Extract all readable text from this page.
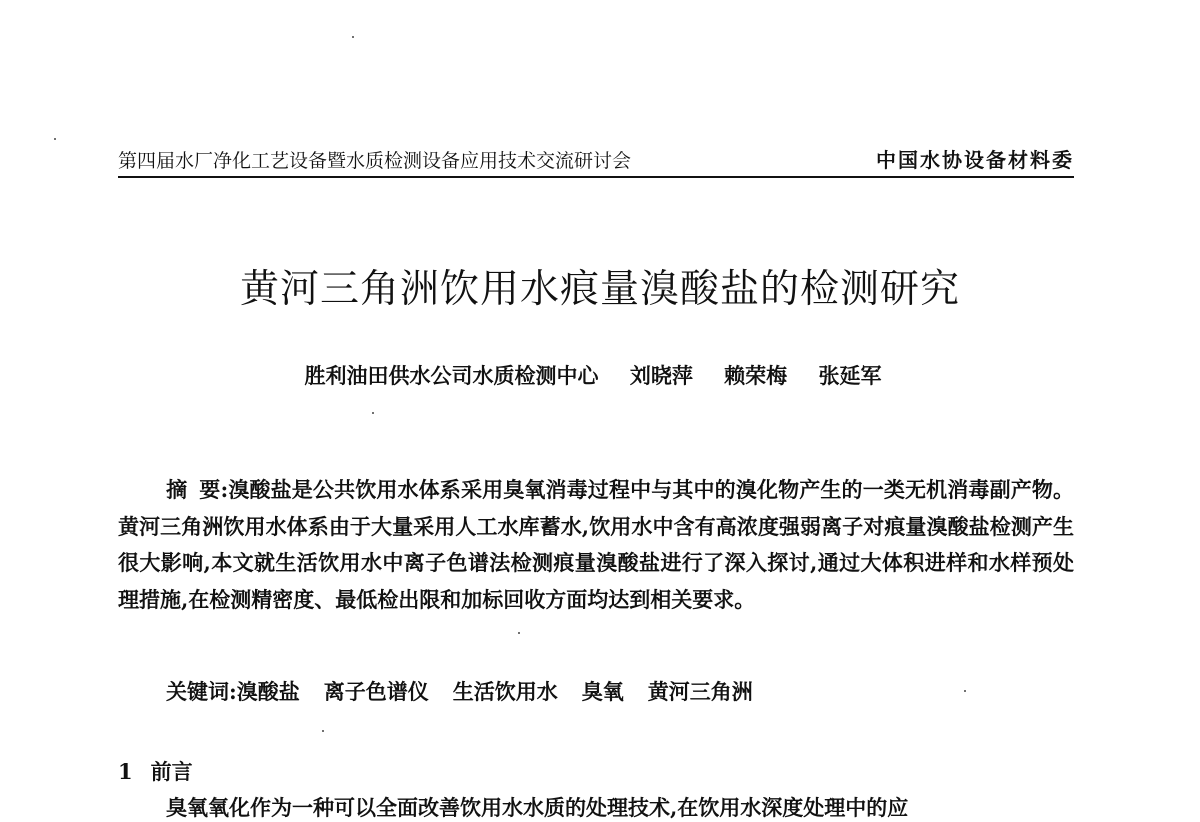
第四届水厂净化工艺设备暨水质检测设备应用技术交流研讨会	中国水协设备材料委
黄河三角洲饮用水痕量溴酸盐的检测研究
胜利油田供水公司水质检测中心 刘晓萍 赖荣梅 张延军
摘要:溴酸盐是公共饮用水体系采用臭氧消毒过程中与其中的溴化物产生的一类无机消毒副产物。黄河三角洲饮用水体系由于大量采用人工水库蓄水,饮用水中含有高浓度强弱离子对痕量溴酸盐检测产生很大影响,本文就生活饮用水中离子色谱法检测痕量溴酸盐进行了深入探讨,通过大体积进样和水样预处理措施,在检测精密度、最低检出限和加标回收方面均达到相关要求。
关键词:溴酸盐 离子色谱仪 生活饮用水 臭氧 黄河三角洲
1 前言
臭氧氧化作为一种可以全面改善饮用水水质的处理技术,在饮用水深度处理中的应
